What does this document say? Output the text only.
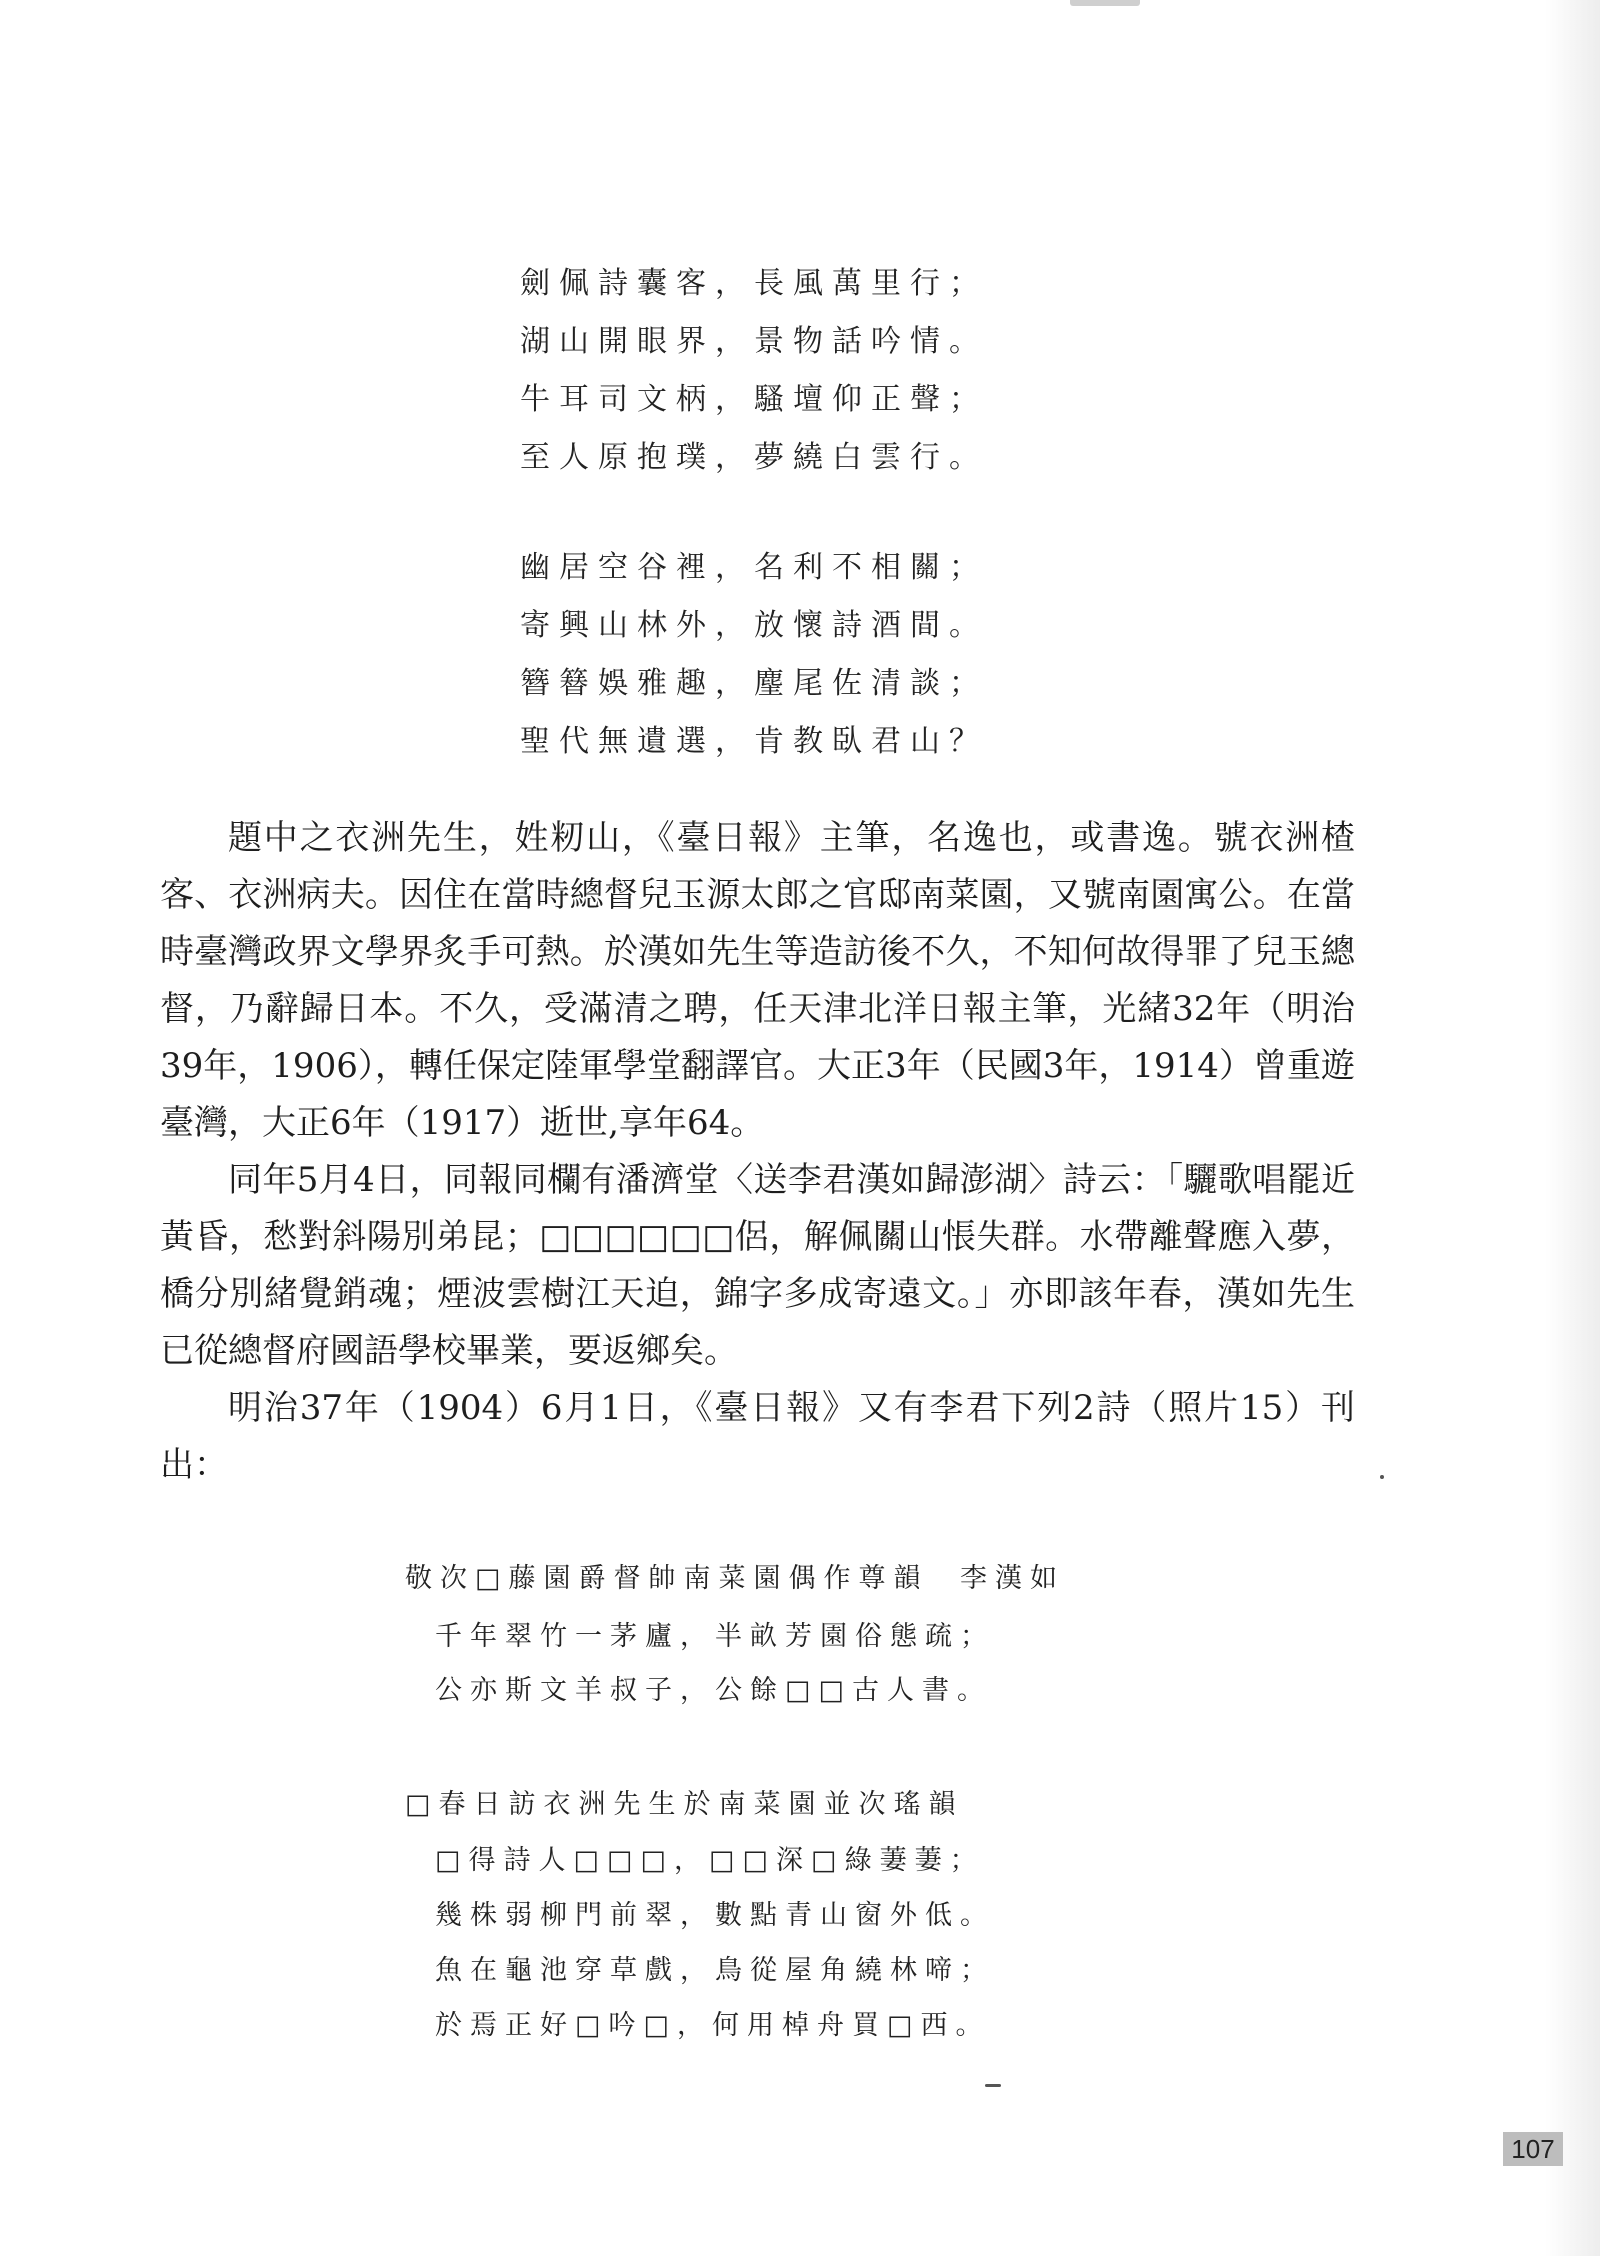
劍佩詩囊客，長風萬里行；
湖山開眼界，景物話吟情。
牛耳司文柄，騷壇仰正聲；
至人原抱璞，夢繞白雲行。
幽居空谷裡，名利不相關；
寄興山林外，放懷詩酒間。
簪簮娛雅趣，麈尾佐清談；
聖代無遺選，肯教臥君山？

題中之衣洲先生，姓籾山，《臺日報》主筆，名逸也，或書逸。號衣洲楂客、衣洲病夫。因住在當時總督兒玉源太郎之官邸南菜園，又號南園寓公。在當時臺灣政界文學界炙手可熱。於漢如先生等造訪後不久，不知何故得罪了兒玉總督，乃辭歸日本。不久，受滿清之聘，任天津北洋日報主筆，光緒32年（明治39年，1906），轉任保定陸軍學堂翻譯官。大正3年（民國3年，1914）曾重遊臺灣，大正6年（1917）逝世,享年64。

同年5月4日，同報同欄有潘濟堂〈送李君漢如歸澎湖〉詩云：「驪歌唱罷近黃昏，愁對斜陽別弟昆；□□□□□□侶，解佩關山悵失群。水帶離聲應入夢，橋分別緒覺銷魂；煙波雲樹江天迫，錦字多成寄遠文。」亦即該年春，漢如先生已從總督府國語學校畢業，要返鄉矣。

明治37年（1904）6月1日，《臺日報》又有李君下列2詩（照片15）刊出：

敬次□藤園爵督帥南菜園偶作尊韻 李漢如
千年翠竹一茅廬，半畝芳園俗態疏；
公亦斯文羊叔子，公餘□□古人書。
□春日訪衣洲先生於南菜園並次瑤韻
□得詩人□□□，□□深□綠萋萋；
幾株弱柳門前翠，數點青山窗外低。
魚在龜池穿草戲，鳥從屋角繞林啼；
於焉正好□吟□，何用棹舟買□西。
107
